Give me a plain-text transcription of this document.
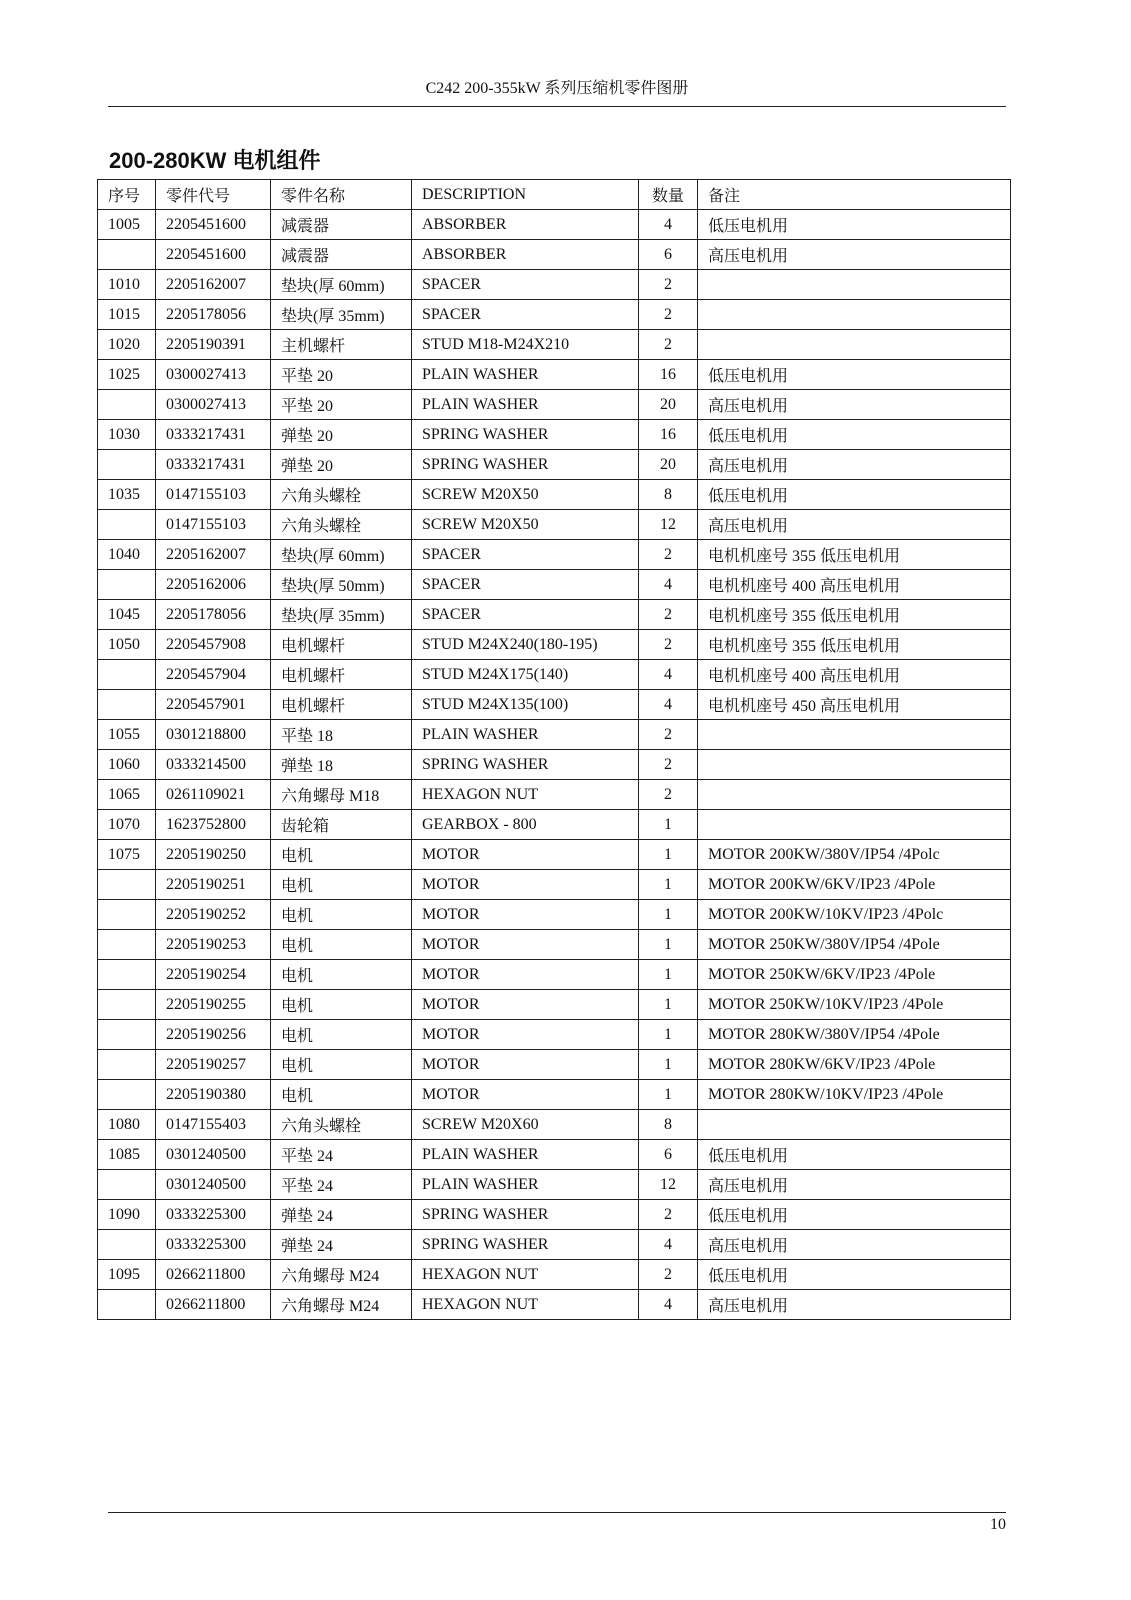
C242 200-355kW 系列压缩机零件图册
200-280KW 电机组件
序号	零件代号	零件名称	DESCRIPTION	数量	备注
1005	2205451600	减震器	ABSORBER	4	低压电机用
	2205451600	减震器	ABSORBER	6	高压电机用
1010	2205162007	垫块(厚 60mm)	SPACER	2	
1015	2205178056	垫块(厚 35mm)	SPACER	2	
1020	2205190391	主机螺杆	STUD M18-M24X210	2	
1025	0300027413	平垫 20	PLAIN WASHER	16	低压电机用
	0300027413	平垫 20	PLAIN WASHER	20	高压电机用
1030	0333217431	弹垫 20	SPRING WASHER	16	低压电机用
	0333217431	弹垫 20	SPRING WASHER	20	高压电机用
1035	0147155103	六角头螺栓	SCREW M20X50	8	低压电机用
	0147155103	六角头螺栓	SCREW M20X50	12	高压电机用
1040	2205162007	垫块(厚 60mm)	SPACER	2	电机机座号 355 低压电机用
	2205162006	垫块(厚 50mm)	SPACER	4	电机机座号 400 高压电机用
1045	2205178056	垫块(厚 35mm)	SPACER	2	电机机座号 355 低压电机用
1050	2205457908	电机螺杆	STUD M24X240(180-195)	2	电机机座号 355 低压电机用
	2205457904	电机螺杆	STUD M24X175(140)	4	电机机座号 400 高压电机用
	2205457901	电机螺杆	STUD M24X135(100)	4	电机机座号 450 高压电机用
1055	0301218800	平垫 18	PLAIN WASHER	2	
1060	0333214500	弹垫 18	SPRING WASHER	2	
1065	0261109021	六角螺母 M18	HEXAGON NUT	2	
1070	1623752800	齿轮箱	GEARBOX - 800	1	
1075	2205190250	电机	MOTOR	1	MOTOR 200KW/380V/IP54 /4Polc
	2205190251	电机	MOTOR	1	MOTOR 200KW/6KV/IP23 /4Pole
	2205190252	电机	MOTOR	1	MOTOR 200KW/10KV/IP23 /4Polc
	2205190253	电机	MOTOR	1	MOTOR 250KW/380V/IP54 /4Pole
	2205190254	电机	MOTOR	1	MOTOR 250KW/6KV/IP23 /4Pole
	2205190255	电机	MOTOR	1	MOTOR 250KW/10KV/IP23 /4Pole
	2205190256	电机	MOTOR	1	MOTOR 280KW/380V/IP54 /4Pole
	2205190257	电机	MOTOR	1	MOTOR 280KW/6KV/IP23 /4Pole
	2205190380	电机	MOTOR	1	MOTOR 280KW/10KV/IP23 /4Pole
1080	0147155403	六角头螺栓	SCREW M20X60	8	
1085	0301240500	平垫 24	PLAIN WASHER	6	低压电机用
	0301240500	平垫 24	PLAIN WASHER	12	高压电机用
1090	0333225300	弹垫 24	SPRING WASHER	2	低压电机用
	0333225300	弹垫 24	SPRING WASHER	4	高压电机用
1095	0266211800	六角螺母 M24	HEXAGON NUT	2	低压电机用
	0266211800	六角螺母 M24	HEXAGON NUT	4	高压电机用
10
